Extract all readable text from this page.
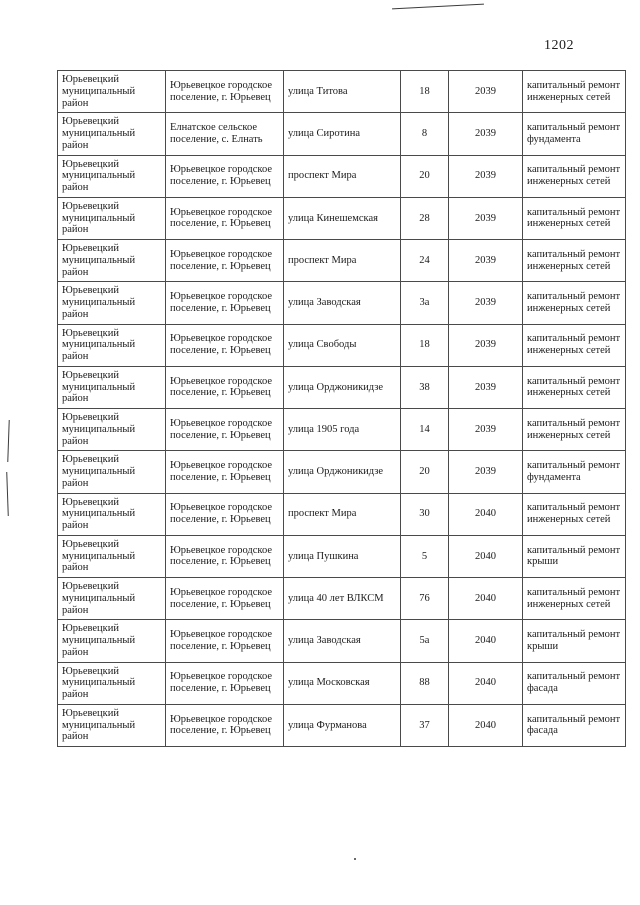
1202
Юрьевецкий муниципальный район	Юрьевецкое городское поселение, г. Юрьевец	улица Титова	18	2039	капитальный ремонт инженерных сетей
Юрьевецкий муниципальный район	Елнатское сельское поселение, с. Елнать	улица Сиротина	8	2039	капитальный ремонт фундамента
Юрьевецкий муниципальный район	Юрьевецкое городское поселение, г. Юрьевец	проспект Мира	20	2039	капитальный ремонт инженерных сетей
Юрьевецкий муниципальный район	Юрьевецкое городское поселение, г. Юрьевец	улица Кинешемская	28	2039	капитальный ремонт инженерных сетей
Юрьевецкий муниципальный район	Юрьевецкое городское поселение, г. Юрьевец	проспект Мира	24	2039	капитальный ремонт инженерных сетей
Юрьевецкий муниципальный район	Юрьевецкое городское поселение, г. Юрьевец	улица Заводская	3а	2039	капитальный ремонт инженерных сетей
Юрьевецкий муниципальный район	Юрьевецкое городское поселение, г. Юрьевец	улица Свободы	18	2039	капитальный ремонт инженерных сетей
Юрьевецкий муниципальный район	Юрьевецкое городское поселение, г. Юрьевец	улица Орджоникидзе	38	2039	капитальный ремонт инженерных сетей
Юрьевецкий муниципальный район	Юрьевецкое городское поселение, г. Юрьевец	улица 1905 года	14	2039	капитальный ремонт инженерных сетей
Юрьевецкий муниципальный район	Юрьевецкое городское поселение, г. Юрьевец	улица Орджоникидзе	20	2039	капитальный ремонт фундамента
Юрьевецкий муниципальный район	Юрьевецкое городское поселение, г. Юрьевец	проспект Мира	30	2040	капитальный ремонт инженерных сетей
Юрьевецкий муниципальный район	Юрьевецкое городское поселение, г. Юрьевец	улица Пушкина	5	2040	капитальный ремонт крыши
Юрьевецкий муниципальный район	Юрьевецкое городское поселение, г. Юрьевец	улица 40 лет ВЛКСМ	76	2040	капитальный ремонт инженерных сетей
Юрьевецкий муниципальный район	Юрьевецкое городское поселение, г. Юрьевец	улица Заводская	5а	2040	капитальный ремонт крыши
Юрьевецкий муниципальный район	Юрьевецкое городское поселение, г. Юрьевец	улица Московская	88	2040	капитальный ремонт фасада
Юрьевецкий муниципальный район	Юрьевецкое городское поселение, г. Юрьевец	улица Фурманова	37	2040	капитальный ремонт фасада
